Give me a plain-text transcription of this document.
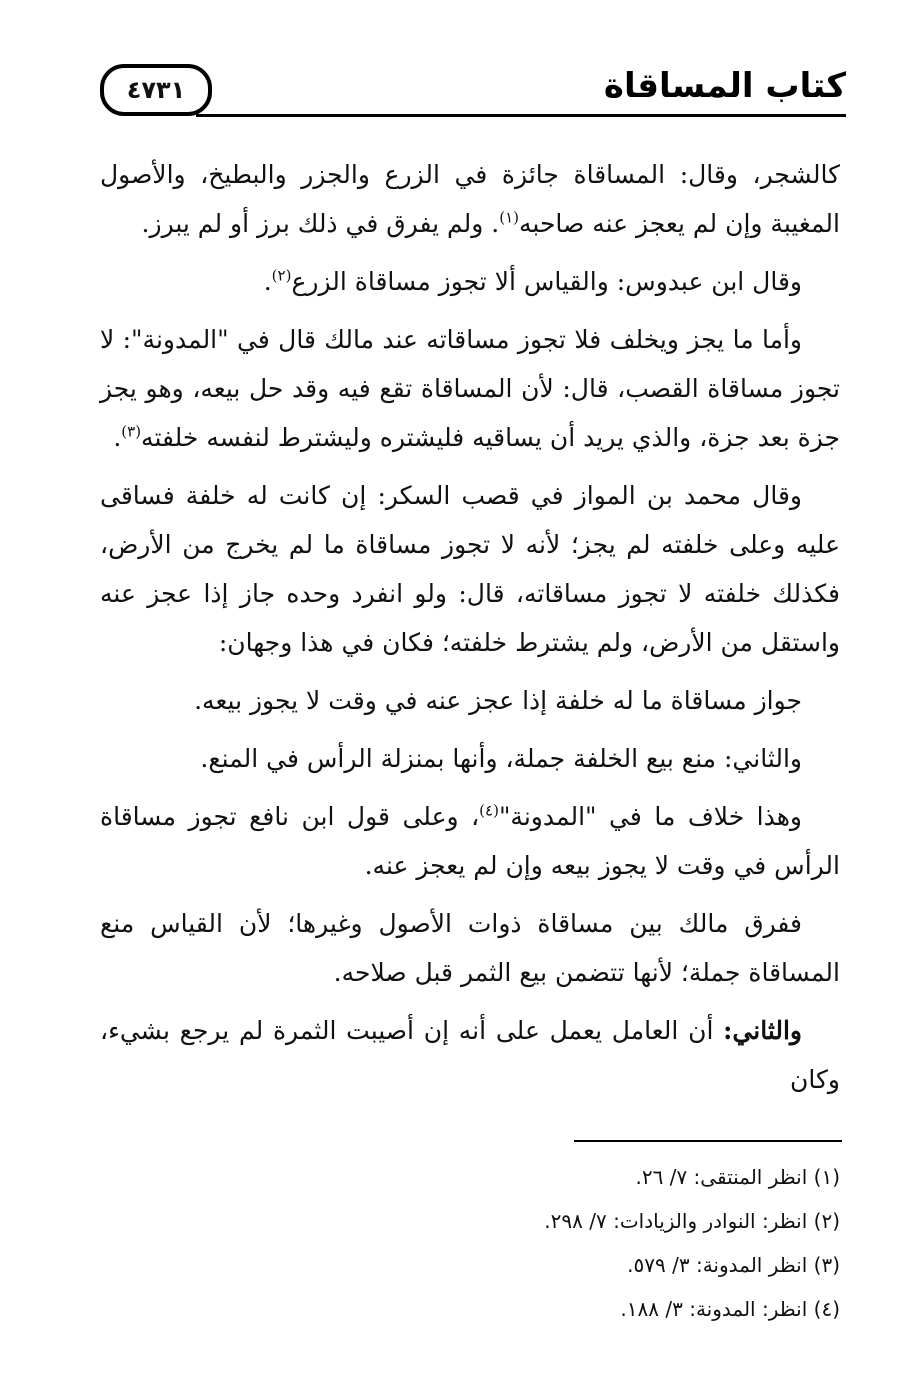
٤٧٣١	كتاب المساقاة

كالشجر، وقال: المساقاة جائزة في الزرع والجزر والبطيخ، والأصول المغيبة وإن لم يعجز عنه صاحبه$^{(١)}$. ولم يفرق في ذلك برز أو لم يبرز.

وقال ابن عبدوس: والقياس ألا تجوز مساقاة الزرع$^{(٢)}$.

وأما ما يجز ويخلف فلا تجوز مساقاته عند مالك قال في "المدونة": لا تجوز مساقاة القصب، قال: لأن المساقاة تقع فيه وقد حل بيعه، وهو يجز جزة بعد جزة، والذي يريد أن يساقيه فليشتره وليشترط لنفسه خلفته$^{(٣)}$.

وقال محمد بن المواز في قصب السكر: إن كانت له خلفة فساقى عليه وعلى خلفته لم يجز؛ لأنه لا تجوز مساقاة ما لم يخرج من الأرض، فكذلك خلفته لا تجوز مساقاته، قال: ولو انفرد وحده جاز إذا عجز عنه واستقل من الأرض، ولم يشترط خلفته؛ فكان في هذا وجهان:

جواز مساقاة ما له خلفة إذا عجز عنه في وقت لا يجوز بيعه.

والثاني: منع بيع الخلفة جملة، وأنها بمنزلة الرأس في المنع.

وهذا خلاف ما في "المدونة"$^{(٤)}$، وعلى قول ابن نافع تجوز مساقاة الرأس في وقت لا يجوز بيعه وإن لم يعجز عنه.

ففرق مالك بين مساقاة ذوات الأصول وغيرها؛ لأن القياس منع المساقاة جملة؛ لأنها تتضمن بيع الثمر قبل صلاحه.

والثاني: أن العامل يعمل على أنه إن أصيبت الثمرة لم يرجع بشيء، وكان

(١) انظر المنتقى: ٧/ ٢٦.
(٢) انظر: النوادر والزيادات: ٧/ ٢٩٨.
(٣) انظر المدونة: ٣/ ٥٧٩.
(٤) انظر: المدونة: ٣/ ١٨٨.
